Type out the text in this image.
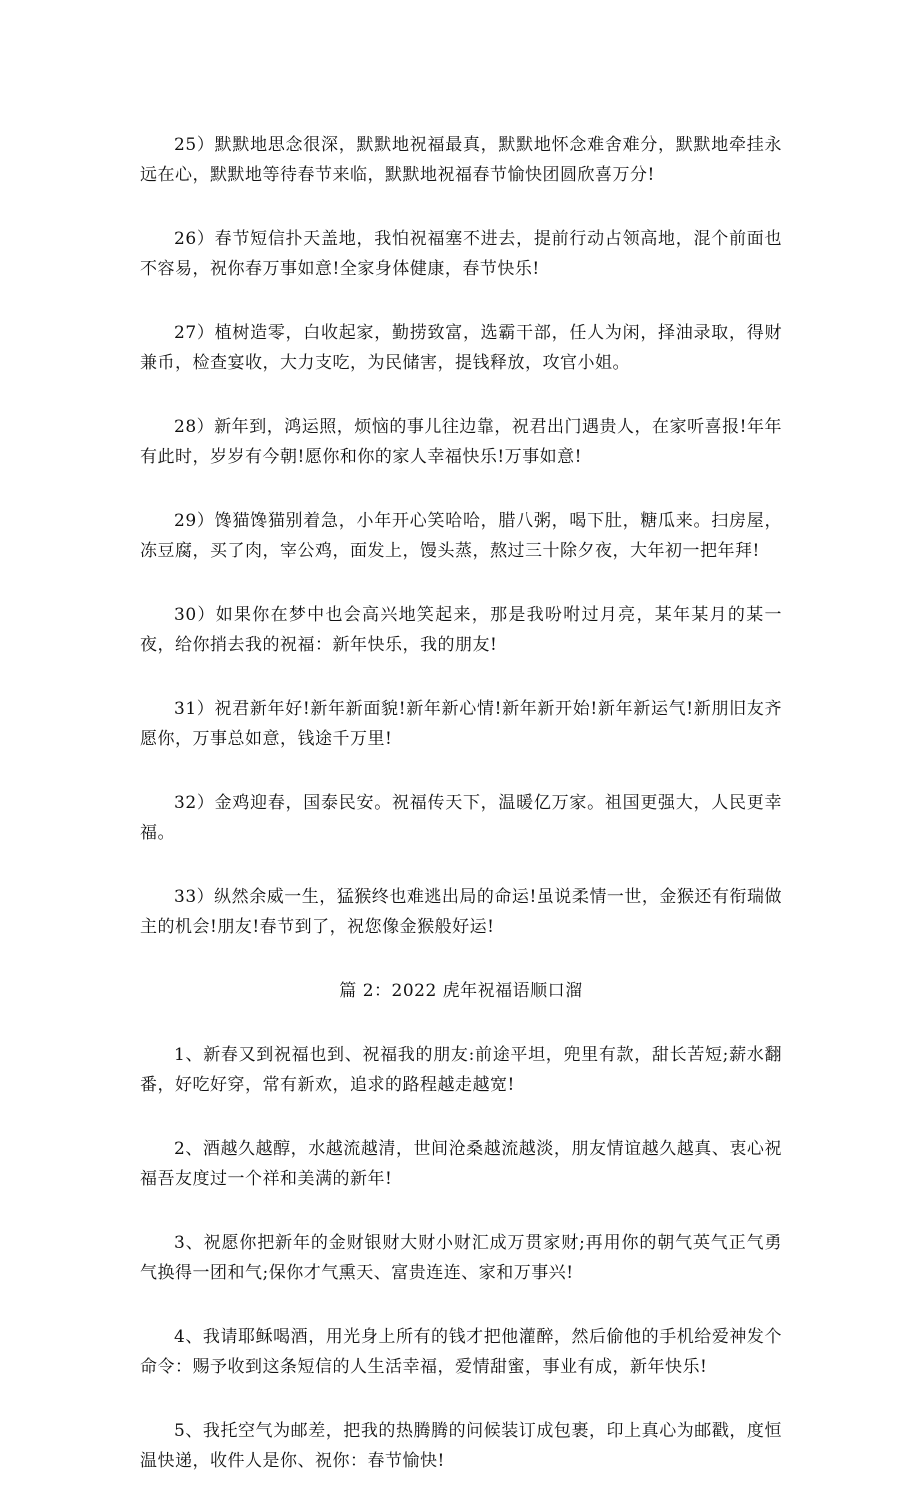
25）默默地思念很深，默默地祝福最真，默默地怀念难舍难分，默默地牵挂永远在心，默默地等待春节来临，默默地祝福春节愉快团圆欣喜万分!

26）春节短信扑天盖地，我怕祝福塞不进去，提前行动占领高地，混个前面也不容易，祝你春万事如意!全家身体健康，春节快乐!

27）植树造零，白收起家，勤捞致富，选霸干部，任人为闲，择油录取，得财兼币，检查宴收，大力支吃，为民储害，提钱释放，攻官小姐。

28）新年到，鸿运照，烦恼的事儿往边靠，祝君出门遇贵人，在家听喜报!年年有此时，岁岁有今朝!愿你和你的家人幸福快乐!万事如意!

29）馋猫馋猫别着急，小年开心笑哈哈，腊八粥，喝下肚，糖瓜来。扫房屋，冻豆腐，买了肉，宰公鸡，面发上，馒头蒸，熬过三十除夕夜，大年初一把年拜!

30）如果你在梦中也会高兴地笑起来，那是我吩咐过月亮，某年某月的某一夜，给你捎去我的祝福：新年快乐，我的朋友!

31）祝君新年好!新年新面貌!新年新心情!新年新开始!新年新运气!新朋旧友齐愿你，万事总如意，钱途千万里!

32）金鸡迎春，国泰民安。祝福传天下，温暖亿万家。祖国更强大，人民更幸福。

33）纵然余威一生，猛猴终也难逃出局的命运!虽说柔情一世，金猴还有衔瑞做主的机会!朋友!春节到了，祝您像金猴般好运!

篇 2：2022 虎年祝福语顺口溜

1、新春又到祝福也到、祝福我的朋友:前途平坦，兜里有款，甜长苦短;薪水翻番，好吃好穿，常有新欢，追求的路程越走越宽!

2、酒越久越醇，水越流越清，世间沧桑越流越淡，朋友情谊越久越真、衷心祝福吾友度过一个祥和美满的新年!

3、祝愿你把新年的金财银财大财小财汇成万贯家财;再用你的朝气英气正气勇气换得一团和气;保你才气熏天、富贵连连、家和万事兴!

4、我请耶稣喝酒，用光身上所有的钱才把他灌醉，然后偷他的手机给爱神发个命令：赐予收到这条短信的人生活幸福，爱情甜蜜，事业有成，新年快乐!

5、我托空气为邮差，把我的热腾腾的问候装订成包裹，印上真心为邮戳，度恒温快递，收件人是你、祝你：春节愉快!
